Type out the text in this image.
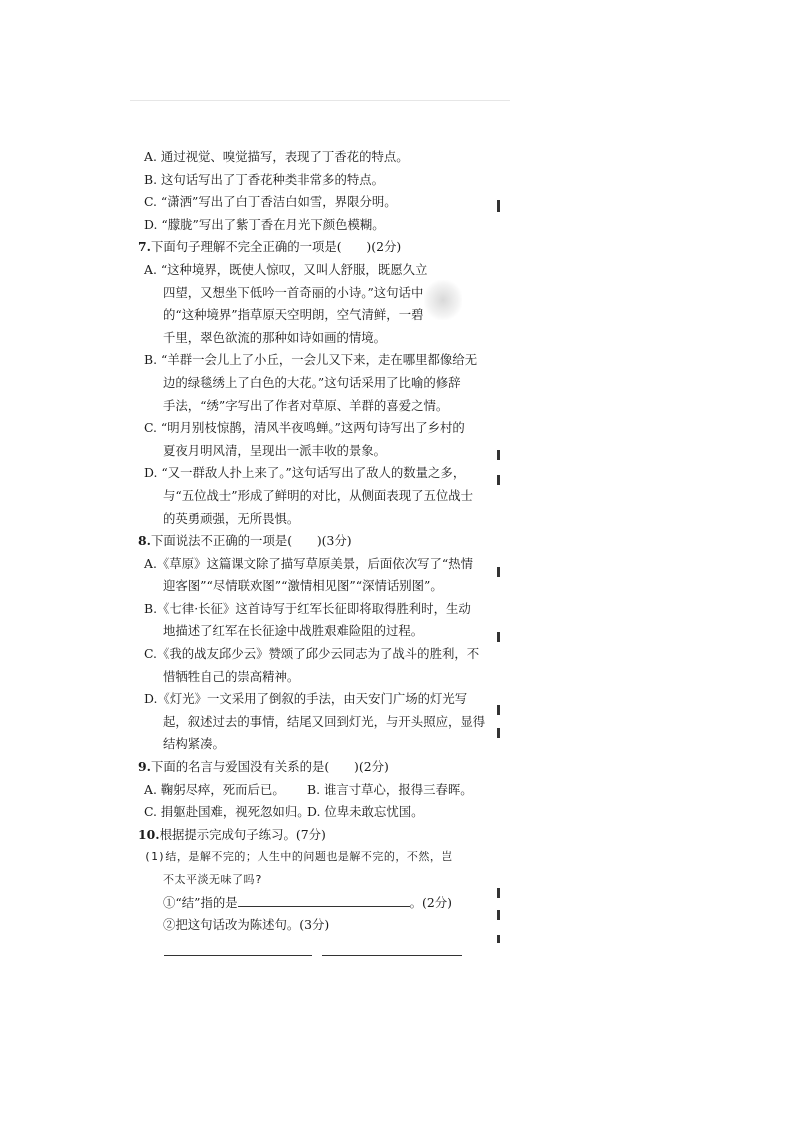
A. 通过视觉、嗅觉描写，表现了丁香花的特点。
B. 这句话写出了丁香花种类非常多的特点。
C. “潇洒”写出了白丁香洁白如雪，界限分明。
D. “朦胧”写出了紫丁香在月光下颜色模糊。
7.下面句子理解不完全正确的一项是(　　)(2分)
A. “这种境界，既使人惊叹，又叫人舒服，既愿久立
四望，又想坐下低吟一首奇丽的小诗。”这句话中
的“这种境界”指草原天空明朗，空气清鲜，一碧
千里，翠色欲流的那种如诗如画的情境。
B. “羊群一会儿上了小丘，一会儿又下来，走在哪里都像给无
边的绿毯绣上了白色的大花。”这句话采用了比喻的修辞
手法，“绣”字写出了作者对草原、羊群的喜爱之情。
C. “明月别枝惊鹊，清风半夜鸣蝉。”这两句诗写出了乡村的
夏夜月明风清，呈现出一派丰收的景象。
D. “又一群敌人扑上来了。”这句话写出了敌人的数量之多，
与“五位战士”形成了鲜明的对比，从侧面表现了五位战士
的英勇顽强，无所畏惧。
8.下面说法不正确的一项是(　　)(3分)
A.《草原》这篇课文除了描写草原美景，后面依次写了“热情
迎客图”“尽情联欢图”“激情相见图”“深情话别图”。
B.《七律·长征》这首诗写于红军长征即将取得胜利时，生动
地描述了红军在长征途中战胜艰难险阻的过程。
C.《我的战友邱少云》赞颂了邱少云同志为了战斗的胜利，不
惜牺牲自己的崇高精神。
D.《灯光》一文采用了倒叙的手法，由天安门广场的灯光写
起，叙述过去的事情，结尾又回到灯光，与开头照应，显得
结构紧凑。
9.下面的名言与爱国没有关系的是(　　)(2分)
A. 鞠躬尽瘁，死而后已。 B. 谁言寸草心，报得三春晖。
C. 捐躯赴国难，视死忽如归。D. 位卑未敢忘忧国。
10.根据提示完成句子练习。(7分)
(1)结，是解不完的；人生中的问题也是解不完的，不然，岂
不太平淡无味了吗?
①“结”指的是	。(2分)
②把这句话改为陈述句。(3分)
